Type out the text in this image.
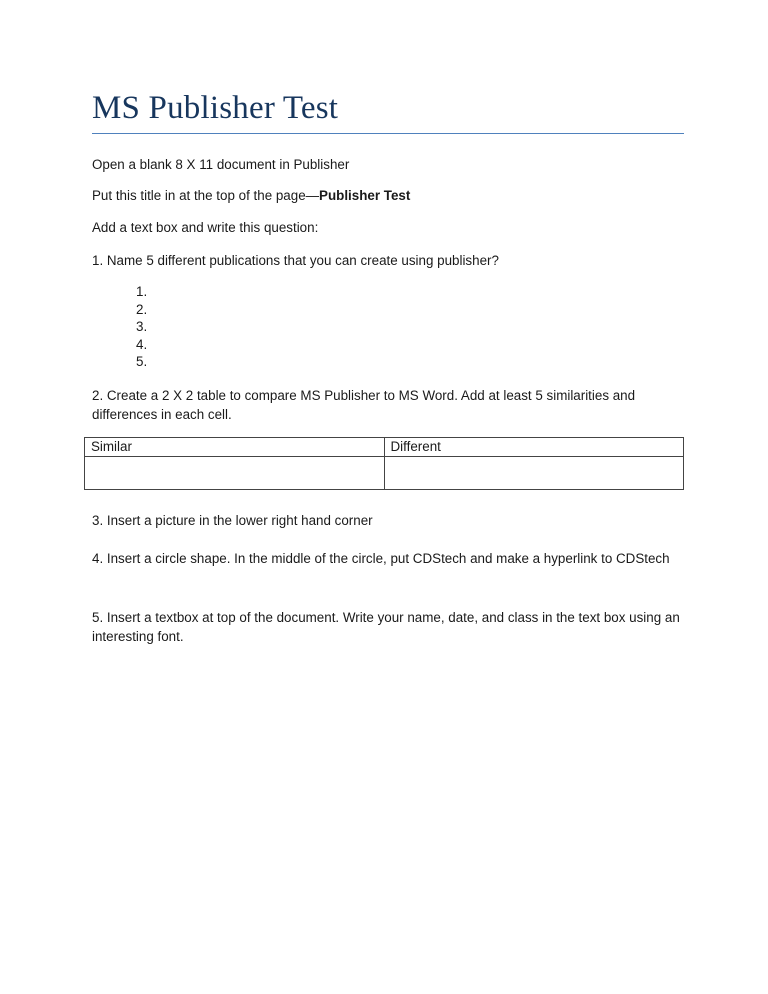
MS Publisher Test
Open a blank 8 X 11 document in Publisher
Put this title in at the top of the page—Publisher Test
Add a text box and write this question:
1. Name 5 different publications that you can create using publisher?
1.
2.
3.
4.
5.
2. Create a 2 X 2 table to compare MS Publisher to MS Word. Add at least 5 similarities and differences in each cell.
Similar	Different

3. Insert a picture in the lower right hand corner
4. Insert a circle shape. In the middle of the circle, put CDStech and make a hyperlink to CDStech
5. Insert a textbox at top of the document. Write your name, date, and class in the text box using an interesting font.
